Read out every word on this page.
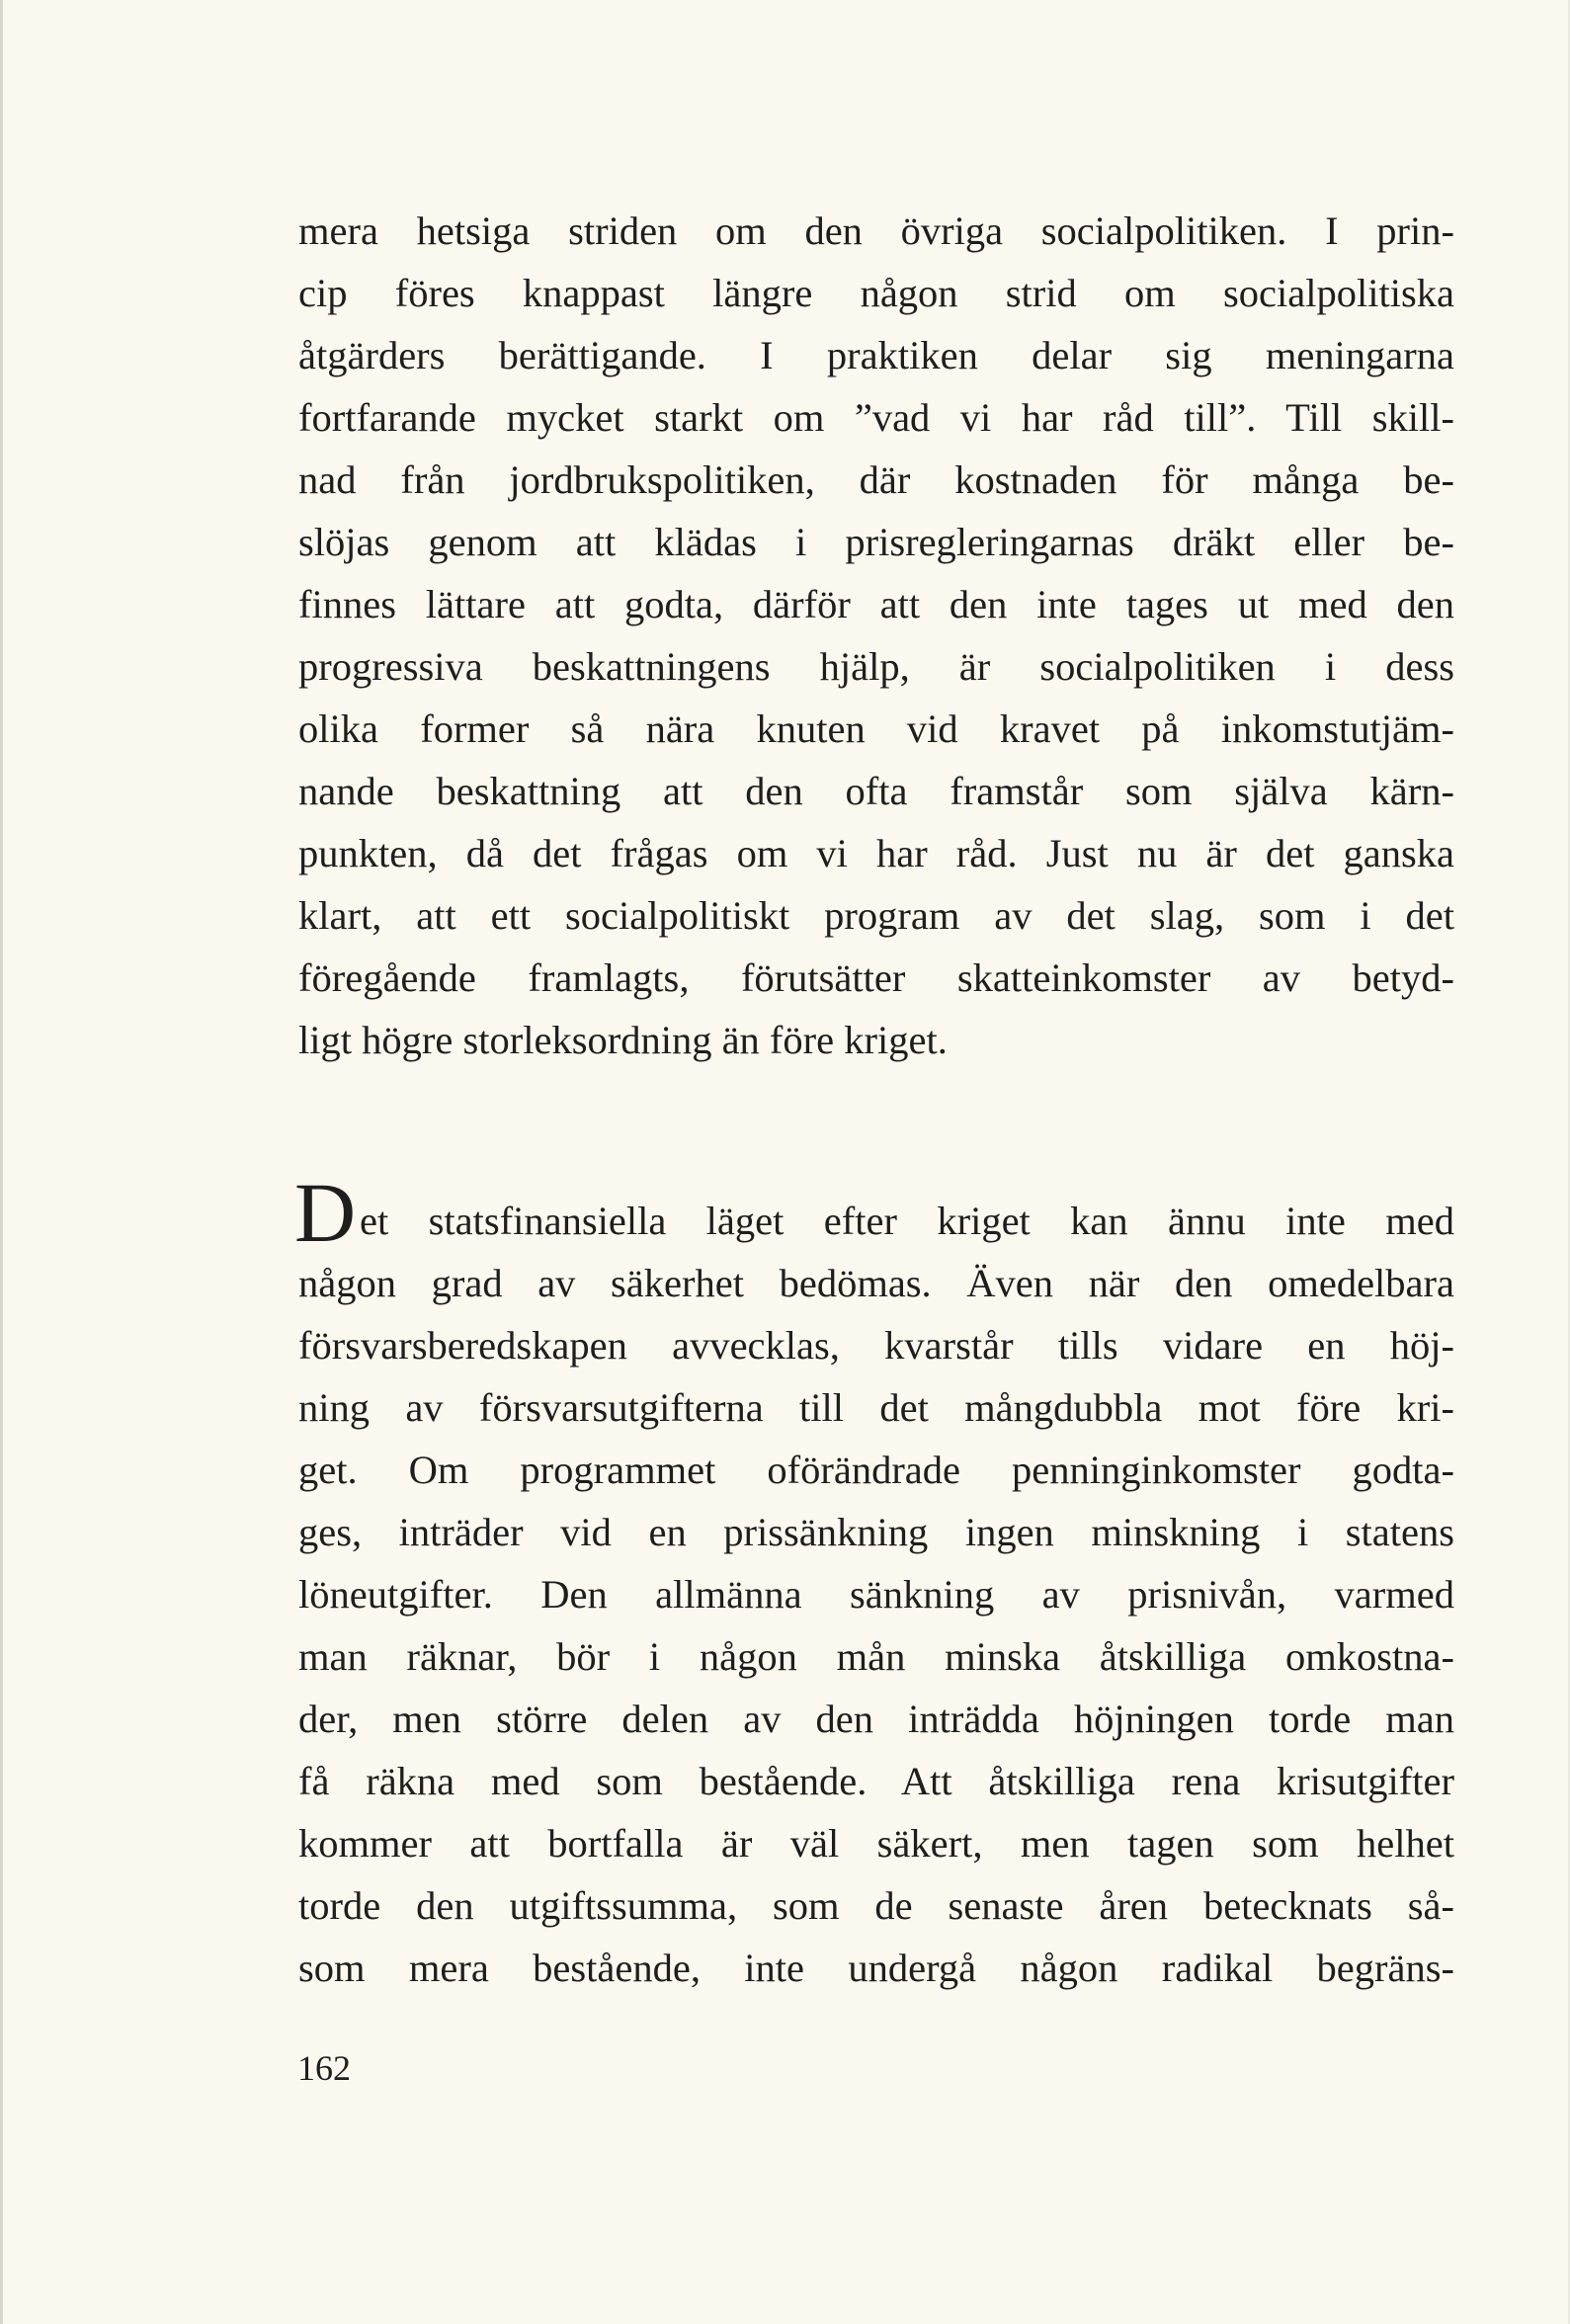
mera hetsiga striden om den övriga socialpolitiken. I prin-
cip föres knappast längre någon strid om socialpolitiska
åtgärders berättigande. I praktiken delar sig meningarna
fortfarande mycket starkt om ”vad vi har råd till”. Till skill-
nad från jordbrukspolitiken, där kostnaden för många be-
slöjas genom att klädas i prisregleringarnas dräkt eller be-
finnes lättare att godta, därför att den inte tages ut med den
progressiva beskattningens hjälp, är socialpolitiken i dess
olika former så nära knuten vid kravet på inkomstutjäm-
nande beskattning att den ofta framstår som själva kärn-
punkten, då det frågas om vi har råd. Just nu är det ganska
klart, att ett socialpolitiskt program av det slag, som i det
föregående framlagts, förutsätter skatteinkomster av betyd-
ligt högre storleksordning än före kriget.
D et statsfinansiella läget efter kriget kan ännu inte med
någon grad av säkerhet bedömas. Även när den omedelbara
försvarsberedskapen avvecklas, kvarstår tills vidare en höj-
ning av försvarsutgifterna till det mångdubbla mot före kri-
get. Om programmet oförändrade penninginkomster godta-
ges, inträder vid en prissänkning ingen minskning i statens
löneutgifter. Den allmänna sänkning av prisnivån, varmed
man räknar, bör i någon mån minska åtskilliga omkostna-
der, men större delen av den inträdda höjningen torde man
få räkna med som bestående. Att åtskilliga rena krisutgifter
kommer att bortfalla är väl säkert, men tagen som helhet
torde den utgiftssumma, som de senaste åren betecknats så-
som mera bestående, inte undergå någon radikal begräns-
162
